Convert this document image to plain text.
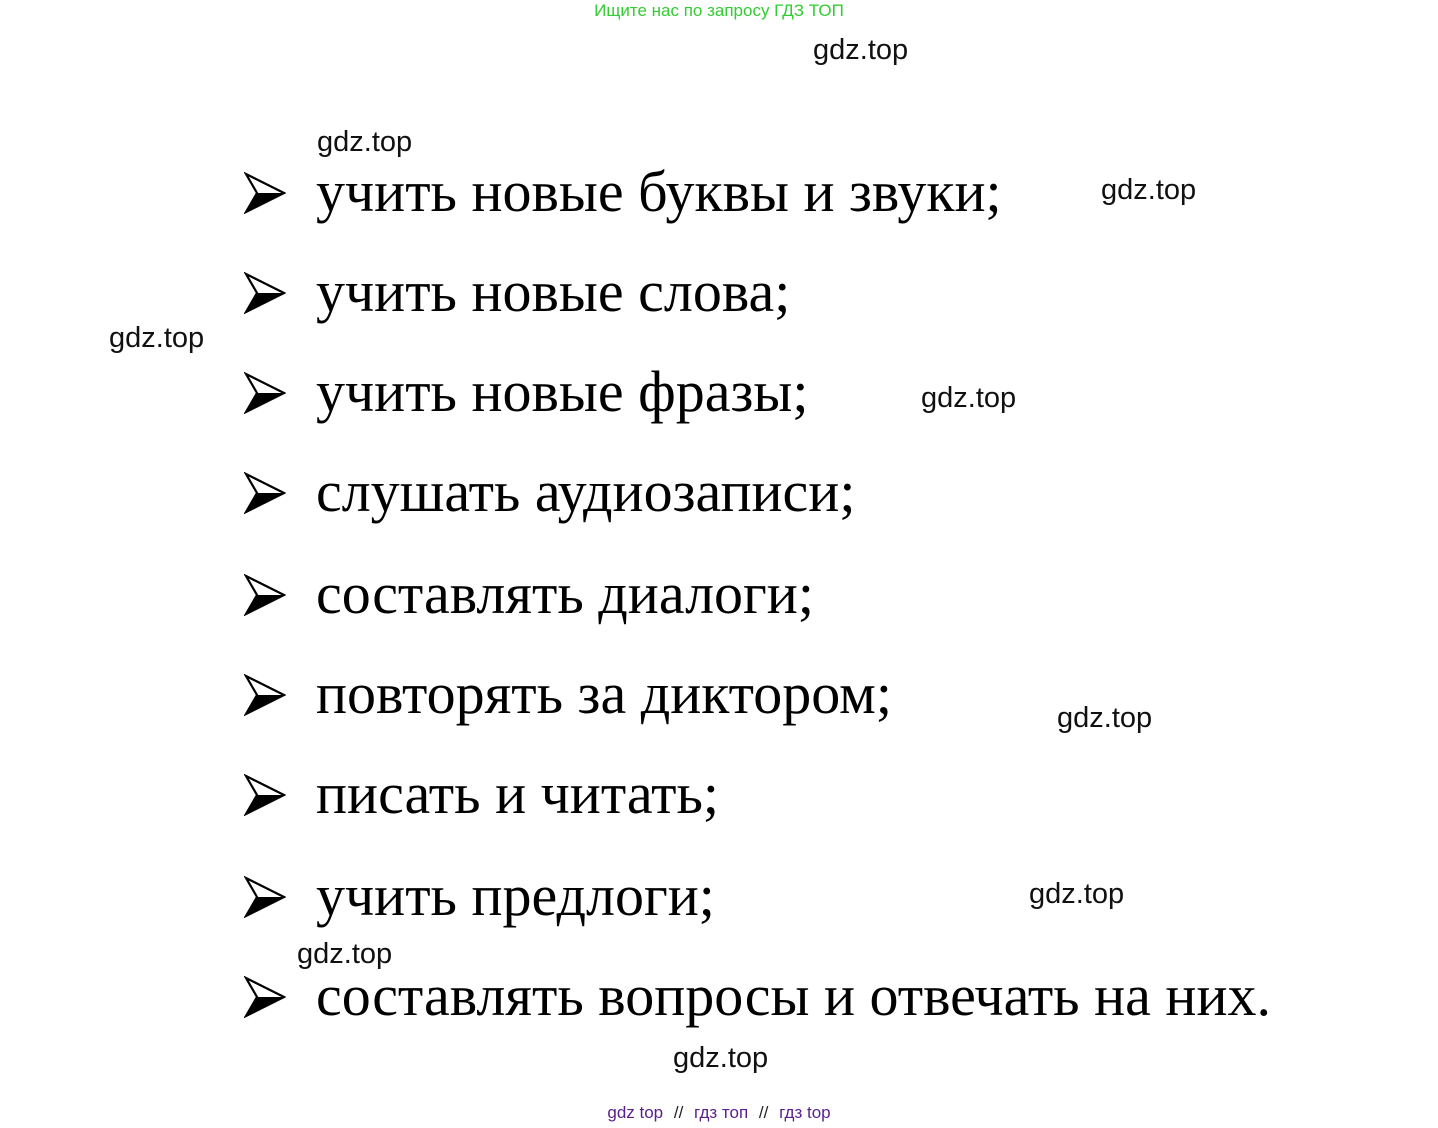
Ищите нас по запросу ГДЗ ТОП
gdz.top
gdz.top
gdz.top
gdz.top
gdz.top
gdz.top
gdz.top
gdz.top
gdz.top
учить новые буквы и звуки;
учить новые слова;
учить новые фразы;
слушать аудиозаписи;
составлять диалоги;
повторять за диктором;
писать и читать;
учить предлоги;
составлять вопросы и отвечать на них.
gdz top // гдз топ // гдз top
